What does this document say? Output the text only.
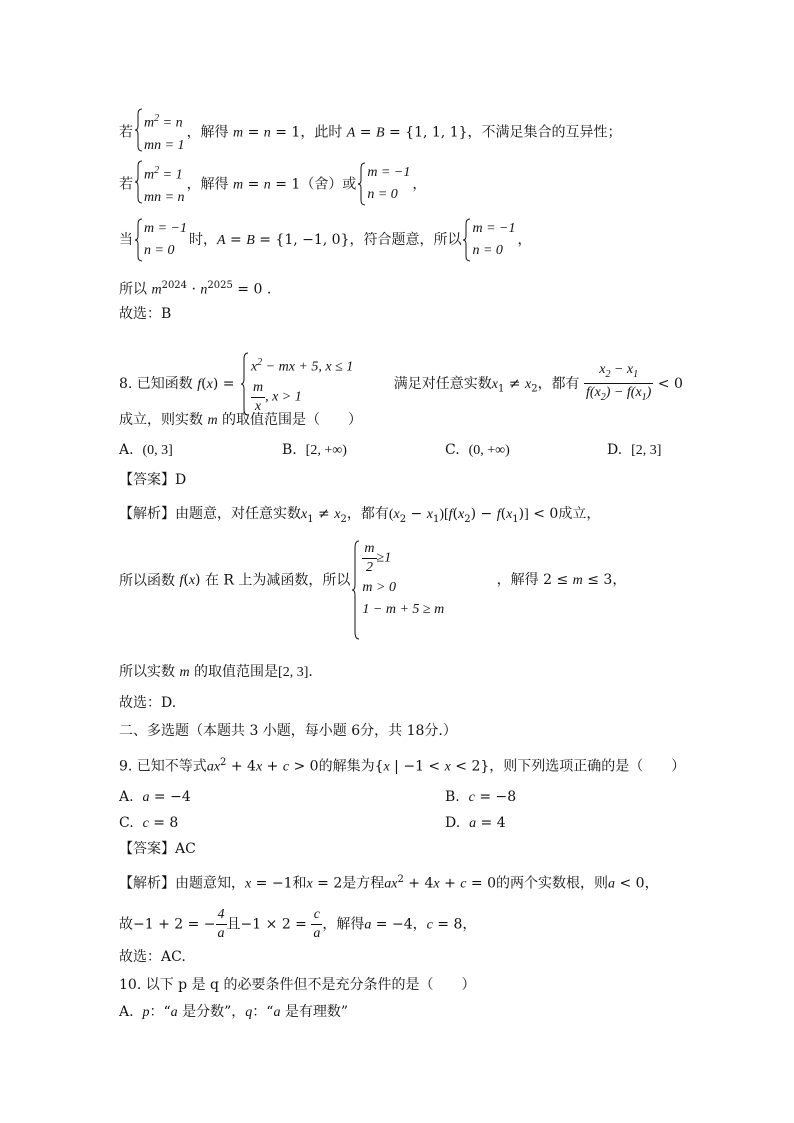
若
$m^2 = n$
mn = 1
，解得 m = n = 1，此时 A = B = {1, 1, 1}，不满足集合的互异性；
若
$m^2 = 1$
mn = n
，解得 m = n = 1（舍）或
m = −1
n = 0
，
当
m = −1
n = 0
时，A = B = {1, −1, 0}，符合题意，所以
m = −1
n = 0
，
所以 $m^{2024} \cdot n^{2025} = 0$ .
故选：B
8. 已知函数 f(x) =
$x^2$ − mx + 5, x ≤ 1
$\frac{m}{x}$ , x > 1
满足对任意实数$x_1 \ne x_2$，都有 $\frac{x_2 - x_1}{f(x_2) - f(x_1)} < 0$
成立，则实数 m 的取值范围是（　　）
A. (0, 3]	B. [2, +∞)	C. (0, +∞)	D. [2, 3]
【答案】D
【解析】由题意，对任意实数$x_1 \ne x_2$，都有$(x_2 - x_1)[f(x_2) - f(x_1)] < 0$成立，
所以函数 f(x) 在 R 上为减函数，所以
$\frac{m}{2} \ge 1$
m > 0
1 − m + 5 ≥ m
，解得 2 ≤ m ≤ 3，
所以实数 m 的取值范围是[2, 3].
故选：D.
二、多选题（本题共 3 小题，每小题 6分，共 18分.）
9. 已知不等式$ax^2 + 4x + c > 0$的解集为{x | −1 < x < 2}，则下列选项正确的是（　　）
A. a = −4	B. c = −8
C. c = 8	D. a = 4
【答案】AC
【解析】由题意知，x = −1和x = 2是方程$ax^2 + 4x + c = 0$的两个实数根，则a < 0，
故−1 + 2 = − $\frac{4}{a}$ 且$-1 \times 2 = \frac{c}{a}$ ，解得a = −4，c = 8，
故选：AC.
10. 以下 p 是 q 的必要条件但不是充分条件的是（　　）
A. p：“a 是分数”，q：“a 是有理数”
